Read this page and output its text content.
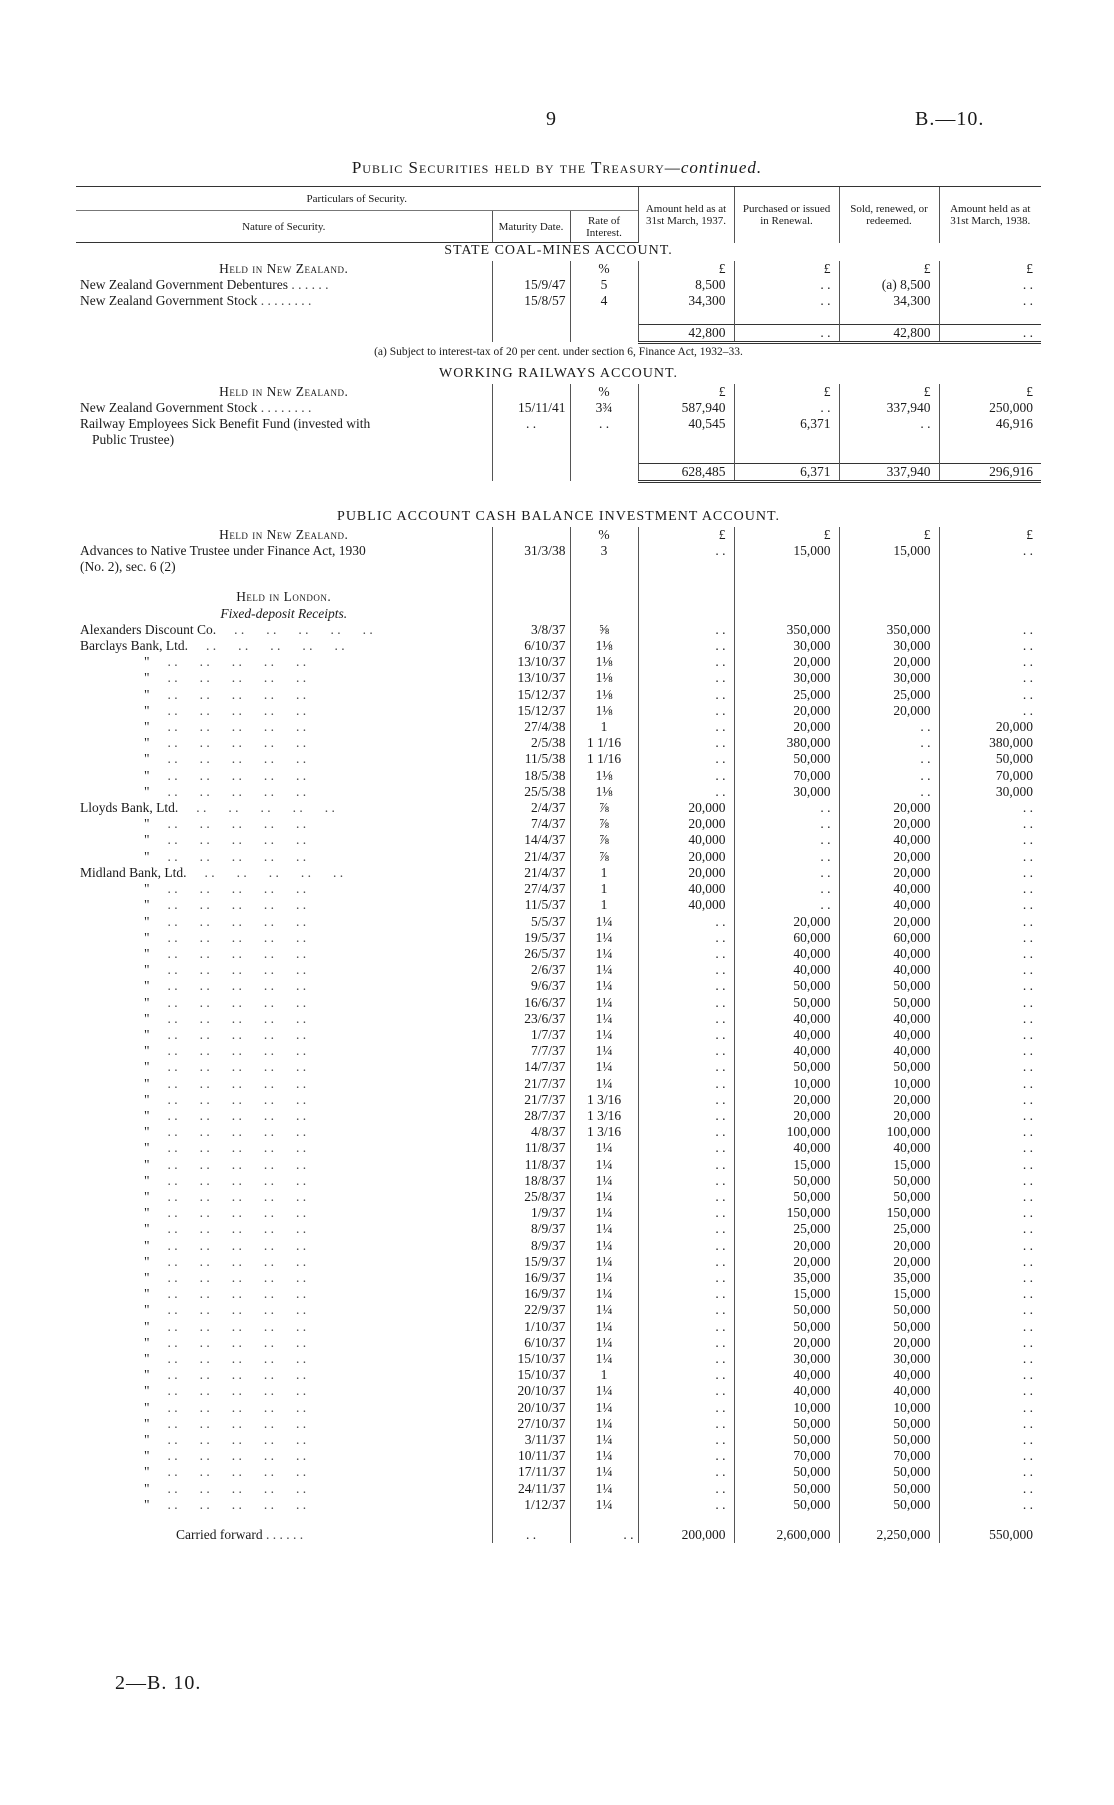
9	B.—10.
Public Securities held by the Treasury—continued.
Particulars of Security.			Amount held as at 31st March, 1937.	Purchased or issued in Renewal.	Sold, renewed, or redeemed.	Amount held as at 31st March, 1938.
Nature of Security.	Maturity Date.	Rate of Interest.				
STATE COAL-MINES ACCOUNT.						
Held in New Zealand.		%	£	£	£	£
New Zealand Government Debentures . . . . . .	15/9/47	5	8,500	. .	(a) 8,500	. .
New Zealand Government Stock . . . . . . . .	15/8/57	4	34,300	. .	34,300	. .

			42,800	. .	42,800	. .
(a) Subject to interest-tax of 20 per cent. under section 6, Finance Act, 1932–33.						
WORKING RAILWAYS ACCOUNT.						
Held in New Zealand.		%	£	£	£	£
New Zealand Government Stock . . . . . . . .	15/11/41	3¾	587,940	. .	337,940	250,000
Railway Employees Sick Benefit Fund (invested with	. .	. .	40,545	6,371	. .	46,916
Public Trustee)						

			628,485	6,371	337,940	296,916

PUBLIC ACCOUNT CASH BALANCE INVESTMENT ACCOUNT.						
Held in New Zealand.		%	£	£	£	£
Advances to Native Trustee under Finance Act, 1930	31/3/38	3	. .	15,000	15,000	. .
(No. 2), sec. 6 (2)						

Held in London.						
Fixed-deposit Receipts.						
Alexanders Discount Co. . . . . . . . . . .	3/8/37	⅝	. .	350,000	350,000	. .
Barclays Bank, Ltd. . . . . . . . . . .	6/10/37	1⅛	. .	30,000	30,000	. .
" . . . . . . . . . .	13/10/37	1⅛	. .	20,000	20,000	. .
" . . . . . . . . . .	13/10/37	1⅛	. .	30,000	30,000	. .
" . . . . . . . . . .	15/12/37	1⅛	. .	25,000	25,000	. .
" . . . . . . . . . .	15/12/37	1⅛	. .	20,000	20,000	. .
" . . . . . . . . . .	27/4/38	1	. .	20,000	. .	20,000
" . . . . . . . . . .	2/5/38	1 1/16	. .	380,000	. .	380,000
" . . . . . . . . . .	11/5/38	1 1/16	. .	50,000	. .	50,000
" . . . . . . . . . .	18/5/38	1⅛	. .	70,000	. .	70,000
" . . . . . . . . . .	25/5/38	1⅛	. .	30,000	. .	30,000
Lloyds Bank, Ltd. . . . . . . . . . .	2/4/37	⅞	20,000	. .	20,000	. .
" . . . . . . . . . .	7/4/37	⅞	20,000	. .	20,000	. .
" . . . . . . . . . .	14/4/37	⅞	40,000	. .	40,000	. .
" . . . . . . . . . .	21/4/37	⅞	20,000	. .	20,000	. .
Midland Bank, Ltd. . . . . . . . . . .	21/4/37	1	20,000	. .	20,000	. .
" . . . . . . . . . .	27/4/37	1	40,000	. .	40,000	. .
" . . . . . . . . . .	11/5/37	1	40,000	. .	40,000	. .
" . . . . . . . . . .	5/5/37	1¼	. .	20,000	20,000	. .
" . . . . . . . . . .	19/5/37	1¼	. .	60,000	60,000	. .
" . . . . . . . . . .	26/5/37	1¼	. .	40,000	40,000	. .
" . . . . . . . . . .	2/6/37	1¼	. .	40,000	40,000	. .
" . . . . . . . . . .	9/6/37	1¼	. .	50,000	50,000	. .
" . . . . . . . . . .	16/6/37	1¼	. .	50,000	50,000	. .
" . . . . . . . . . .	23/6/37	1¼	. .	40,000	40,000	. .
" . . . . . . . . . .	1/7/37	1¼	. .	40,000	40,000	. .
" . . . . . . . . . .	7/7/37	1¼	. .	40,000	40,000	. .
" . . . . . . . . . .	14/7/37	1¼	. .	50,000	50,000	. .
" . . . . . . . . . .	21/7/37	1¼	. .	10,000	10,000	. .
" . . . . . . . . . .	21/7/37	1 3/16	. .	20,000	20,000	. .
" . . . . . . . . . .	28/7/37	1 3/16	. .	20,000	20,000	. .
" . . . . . . . . . .	4/8/37	1 3/16	. .	100,000	100,000	. .
" . . . . . . . . . .	11/8/37	1¼	. .	40,000	40,000	. .
" . . . . . . . . . .	11/8/37	1¼	. .	15,000	15,000	. .
" . . . . . . . . . .	18/8/37	1¼	. .	50,000	50,000	. .
" . . . . . . . . . .	25/8/37	1¼	. .	50,000	50,000	. .
" . . . . . . . . . .	1/9/37	1¼	. .	150,000	150,000	. .
" . . . . . . . . . .	8/9/37	1¼	. .	25,000	25,000	. .
" . . . . . . . . . .	8/9/37	1¼	. .	20,000	20,000	. .
" . . . . . . . . . .	15/9/37	1¼	. .	20,000	20,000	. .
" . . . . . . . . . .	16/9/37	1¼	. .	35,000	35,000	. .
" . . . . . . . . . .	16/9/37	1¼	. .	15,000	15,000	. .
" . . . . . . . . . .	22/9/37	1¼	. .	50,000	50,000	. .
" . . . . . . . . . .	1/10/37	1¼	. .	50,000	50,000	. .
" . . . . . . . . . .	6/10/37	1¼	. .	20,000	20,000	. .
" . . . . . . . . . .	15/10/37	1¼	. .	30,000	30,000	. .
" . . . . . . . . . .	15/10/37	1	. .	40,000	40,000	. .
" . . . . . . . . . .	20/10/37	1¼	. .	40,000	40,000	. .
" . . . . . . . . . .	20/10/37	1¼	. .	10,000	10,000	. .
" . . . . . . . . . .	27/10/37	1¼	. .	50,000	50,000	. .
" . . . . . . . . . .	3/11/37	1¼	. .	50,000	50,000	. .
" . . . . . . . . . .	10/11/37	1¼	. .	70,000	70,000	. .
" . . . . . . . . . .	17/11/37	1¼	. .	50,000	50,000	. .
" . . . . . . . . . .	24/11/37	1¼	. .	50,000	50,000	. .
" . . . . . . . . . .	1/12/37	1¼	. .	50,000	50,000	. .

Carried forward . . . . . .	. .	. .	200,000	2,600,000	2,250,000	550,000
2—B. 10.
